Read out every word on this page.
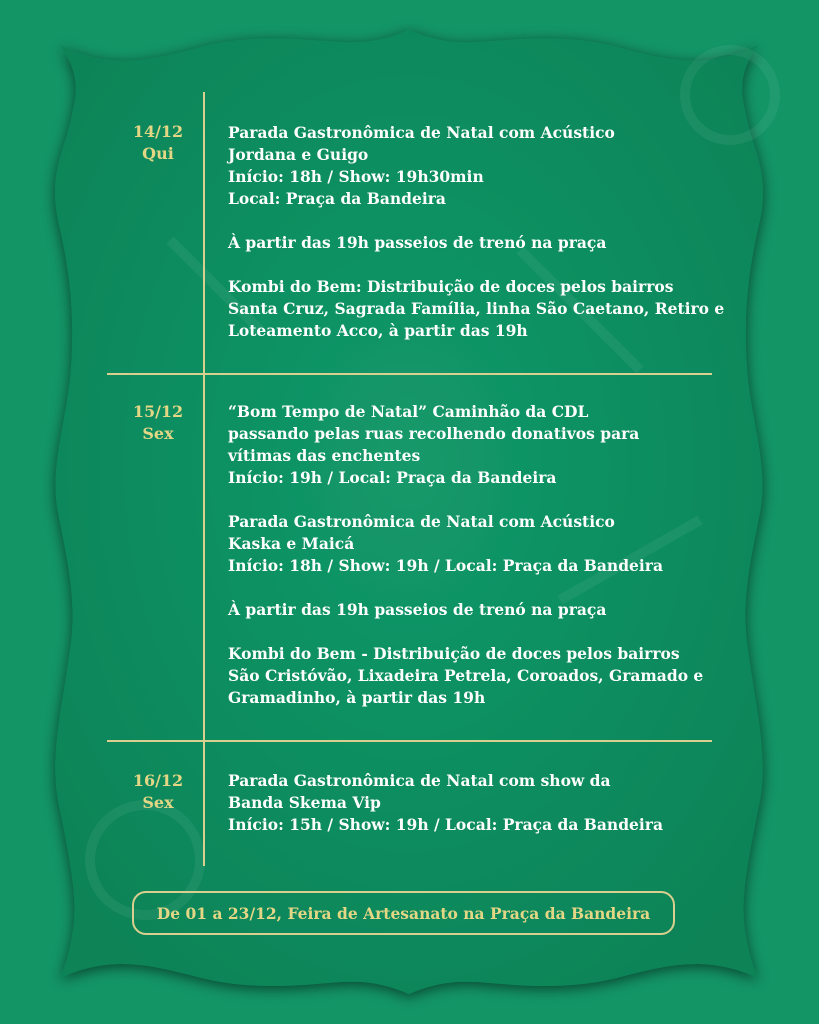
14/12
Qui
Parada Gastronômica de Natal com Acústico
Jordana e Guigo
Início: 18h / Show: 19h30min
Local: Praça da Bandeira
À partir das 19h passeios de trenó na praça
Kombi do Bem: Distribuição de doces pelos bairros
Santa Cruz, Sagrada Família, linha São Caetano, Retiro e
Loteamento Acco, à partir das 19h
15/12
Sex
“Bom Tempo de Natal” Caminhão da CDL
passando pelas ruas recolhendo donativos para
vítimas das enchentes
Início: 19h / Local: Praça da Bandeira
Parada Gastronômica de Natal com Acústico
Kaska e Maicá
Início: 18h / Show: 19h / Local: Praça da Bandeira
À partir das 19h passeios de trenó na praça
Kombi do Bem - Distribuição de doces pelos bairros
São Cristóvão, Lixadeira Petrela, Coroados, Gramado e
Gramadinho, à partir das 19h
16/12
Sex
Parada Gastronômica de Natal com show da
Banda Skema Vip
Início: 15h / Show: 19h / Local: Praça da Bandeira
De 01 a 23/12, Feira de Artesanato na Praça da Bandeira
